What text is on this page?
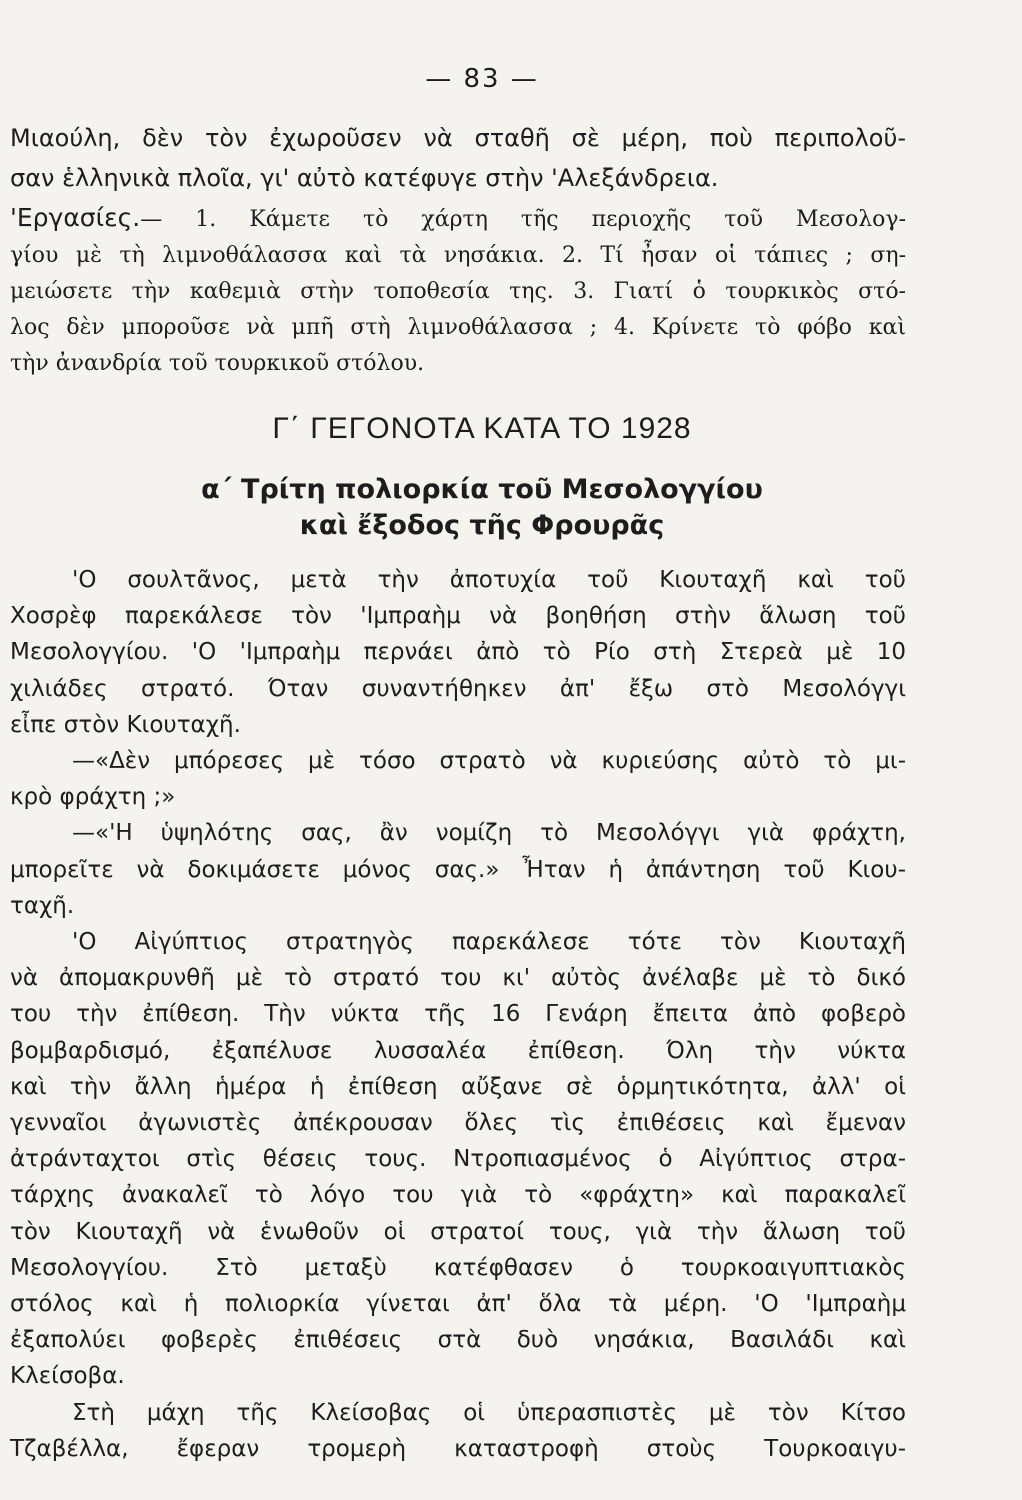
— 83 —
Μιαούλη, δὲν τὸν ἐχωροῦσεν νὰ σταθῆ σὲ μέρη, ποὺ περιπολοῦ-
σαν ἑλληνικὰ πλοῖα, γι' αὐτὸ κατέφυγε στὴν 'Αλεξάνδρεια.
'Εργασίες.— 1. Κάμετε τὸ χάρτη τῆς περιοχῆς τοῦ Μεσολογ-
γίου μὲ τὴ λιμνοθάλασσα καὶ τὰ νησάκια. 2. Τί ἦσαν οἱ τάπιες ; ση-
μειώσετε τὴν καθεμιὰ στὴν τοποθεσία της. 3. Γιατί ὁ τουρκικὸς στό-
λος δὲν μποροῦσε νὰ μπῆ στὴ λιμνοθάλασσα ; 4. Κρίνετε τὸ φόβο καὶ
τὴν ἀνανδρία τοῦ τουρκικοῦ στόλου.
Γ΄ ΓΕΓΟΝΟΤΑ ΚΑΤΑ ΤΟ 1928
α΄ Τρίτη πολιορκία τοῦ Μεσολογγίου
καὶ ἔξοδος τῆς Φρουρᾶς
'Ο σουλτᾶνος, μετὰ τὴν ἀποτυχία τοῦ Κιουταχῆ καὶ τοῦ
Χοσρὲφ παρεκάλεσε τὸν 'Ιμπραὴμ νὰ βοηθήση στὴν ἅλωση τοῦ
Μεσολογγίου. 'Ο 'Ιμπραὴμ περνάει ἀπὸ τὸ Ρίο στὴ Στερεὰ μὲ 10
χιλιάδες στρατό. Όταν συναντήθηκεν ἀπ' ἔξω στὸ Μεσολόγγι
εἶπε στὸν Κιουταχῆ.
—«Δὲν μπόρεσες μὲ τόσο στρατὸ νὰ κυριεύσης αὐτὸ τὸ μι-
κρὸ φράχτη ;»
—«'Η ὑψηλότης σας, ἂν νομίζη τὸ Μεσολόγγι γιὰ φράχτη,
μπορεῖτε νὰ δοκιμάσετε μόνος σας.» Ἦταν ἡ ἀπάντηση τοῦ Κιου-
ταχῆ.
'Ο Αἰγύπτιος στρατηγὸς παρεκάλεσε τότε τὸν Κιουταχῆ
νὰ ἀπομακρυνθῆ μὲ τὸ στρατό του κι' αὐτὸς ἀνέλαβε μὲ τὸ δικό
του τὴν ἐπίθεση. Τὴν νύκτα τῆς 16 Γενάρη ἔπειτα ἀπὸ φοβερὸ
βομβαρδισμό, ἐξαπέλυσε λυσσαλέα ἐπίθεση. Όλη τὴν νύκτα
καὶ τὴν ἄλλη ἡμέρα ἡ ἐπίθεση αὔξανε σὲ ὁρμητικότητα, ἀλλ' οἱ
γενναῖοι ἀγωνιστὲς ἀπέκρουσαν ὅλες τὶς ἐπιθέσεις καὶ ἔμεναν
ἀτράνταχτοι στὶς θέσεις τους. Ντροπιασμένος ὁ Αἰγύπτιος στρα-
τάρχης ἀνακαλεῖ τὸ λόγο του γιὰ τὸ «φράχτη» καὶ παρακαλεῖ
τὸν Κιουταχῆ νὰ ἑνωθοῦν οἱ στρατοί τους, γιὰ τὴν ἅλωση τοῦ
Μεσολογγίου. Στὸ μεταξὺ κατέφθασεν ὁ τουρκοαιγυπτιακὸς
στόλος καὶ ἡ πολιορκία γίνεται ἀπ' ὅλα τὰ μέρη. 'Ο 'Ιμπραὴμ
ἐξαπολύει φοβερὲς ἐπιθέσεις στὰ δυὸ νησάκια, Βασιλάδι καὶ
Κλείσοβα.
Στὴ μάχη τῆς Κλείσοβας οἱ ὑπερασπιστὲς μὲ τὸν Κίτσο
Τζαβέλλα, ἔφεραν τρομερὴ καταστροφὴ στοὺς Τουρκοαιγυ-
